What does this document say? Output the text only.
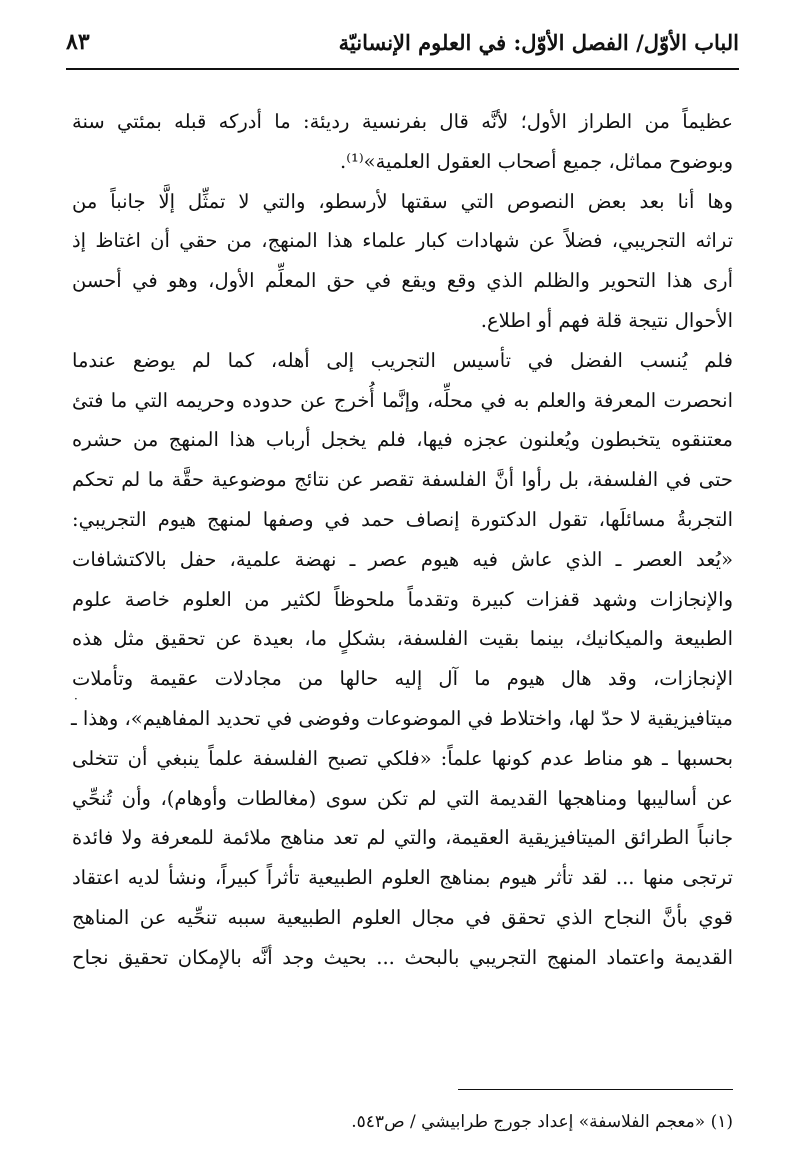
الباب الأوّل/ الفصل الأوّل: في العلوم الإنسانيّة
٨٣
عظيماً من الطراز الأول؛ لأنَّه قال بفرنسية رديئة: ما أدركه قبله بمئتي سنة
وبوضوح مماثل، جميع أصحاب العقول العلمية»⁽¹⁾.
وها أنا بعد بعض النصوص التي سقتها لأرسطو، والتي لا تمثِّل إلَّا جانباً من
تراثه التجريبي، فضلاً عن شهادات كبار علماء هذا المنهج، من حقي أن اغتاظ إذ
أرى هذا التحوير والظلم الذي وقع ويقع في حق المعلِّم الأول، وهو في أحسن
الأحوال نتيجة قلة فهم أو اطلاع.
فلم يُنسب الفضل في تأسيس التجريب إلى أهله، كما لم يوضع عندما
انحصرت المعرفة والعلم به في محلِّه، وإنَّما أُخرج عن حدوده وحريمه التي ما فتئ
معتنقوه يتخبطون ويُعلنون عجزه فيها، فلم يخجل أرباب هذا المنهج من حشره
حتى في الفلسفة، بل رأوا أنَّ الفلسفة تقصر عن نتائج موضوعية حقَّة ما لم تحكم
التجربةُ مسائلَها، تقول الدكتورة إنصاف حمد في وصفها لمنهج هيوم التجريبي:
«يُعد العصر ـ الذي عاش فيه هيوم عصر ـ نهضة علمية، حفل بالاكتشافات
والإنجازات وشهد قفزات كبيرة وتقدماً ملحوظاً لكثير من العلوم خاصة علوم
الطبيعة والميكانيك، بينما بقيت الفلسفة، بشكلٍ ما، بعيدة عن تحقيق مثل هذه
الإنجازات، وقد هال هيوم ما آل إليه حالها من مجادلات عقيمة وتأملات
ميتافيزيقية لا حدّ لها، واختلاط في الموضوعات وفوضى في تحديد المفاهيم»، وهذا ـ
بحسبها ـ هو مناط عدم كونها علماً: «فلكي تصبح الفلسفة علماً ينبغي أن تتخلى
عن أساليبها ومناهجها القديمة التي لم تكن سوى (مغالطات وأوهام)، وأن تُنحِّي
جانباً الطرائق الميتافيزيقية العقيمة، والتي لم تعد مناهج ملائمة للمعرفة ولا فائدة
ترتجى منها ... لقد تأثر هيوم بمناهج العلوم الطبيعية تأثراً كبيراً، ونشأ لديه اعتقاد
قوي بأنَّ النجاح الذي تحقق في مجال العلوم الطبيعية سببه تنحِّيه عن المناهج
القديمة واعتماد المنهج التجريبي بالبحث ... بحيث وجد أنَّه بالإمكان تحقيق نجاح
·
(١) «معجم الفلاسفة» إعداد جورج طرابيشي / ص٥٤٣.
